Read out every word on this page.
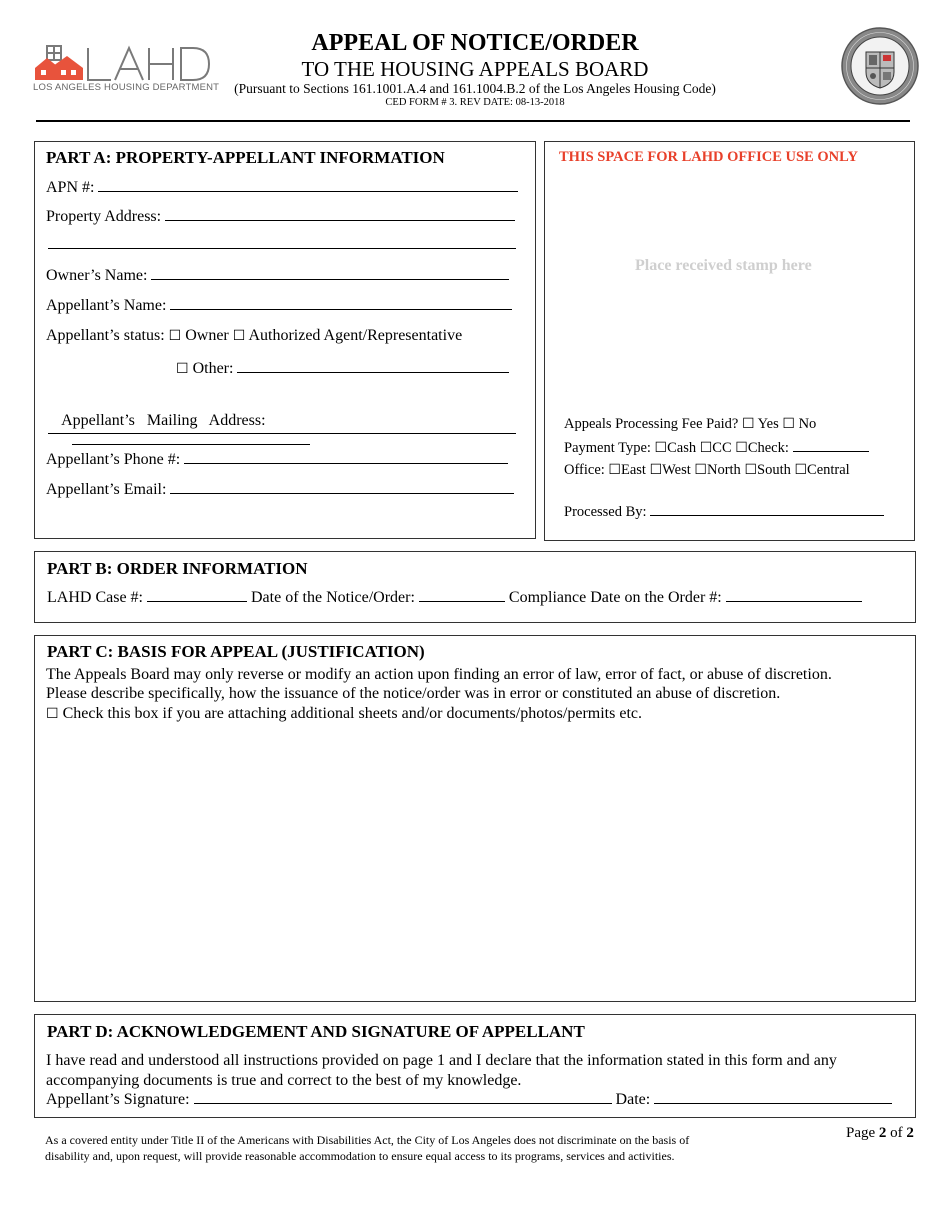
LOS ANGELES HOUSING DEPARTMENT
APPEAL OF NOTICE/ORDER
TO THE HOUSING APPEALS BOARD
(Pursuant to Sections 161.1001.A.4 and 161.1004.B.2 of the Los Angeles Housing Code)
CED FORM # 3. REV DATE: 08-13-2018
PART A: PROPERTY-APPELLANT INFORMATION
APN #:
Property Address:
Owner’s Name:
Appellant’s Name:
Appellant’s status: ☐ Owner ☐ Authorized Agent/Representative
☐ Other:

Appellant’s   Mailing   Address:

Appellant’s Phone #:
Appellant’s Email:
THIS SPACE FOR LAHD OFFICE USE ONLY
Place received stamp here
Appeals Processing Fee Paid? ☐ Yes ☐ No
Payment Type: ☐Cash ☐CC ☐Check:
Office: ☐East ☐West ☐North ☐South ☐Central
Processed By:
PART B: ORDER INFORMATION
LAHD Case #:	Date of the Notice/Order:	Compliance Date on the Order #:
PART C: BASIS FOR APPEAL (JUSTIFICATION)
The Appeals Board may only reverse or modify an action upon finding an error of law, error of fact, or abuse of discretion.
Please describe specifically, how the issuance of the notice/order was in error or constituted an abuse of discretion.
☐ Check this box if you are attaching additional sheets and/or documents/photos/permits etc.
PART D: ACKNOWLEDGEMENT AND SIGNATURE OF APPELLANT
I have read and understood all instructions provided on page 1 and I declare that the information stated in this form and any
accompanying documents is true and correct to the best of my knowledge.
Appellant’s Signature:	Date:
As a covered entity under Title II of the Americans with Disabilities Act, the City of Los Angeles does not discriminate on the basis of
disability and, upon request, will provide reasonable accommodation to ensure equal access to its programs, services and activities.
Page 2 of 2
